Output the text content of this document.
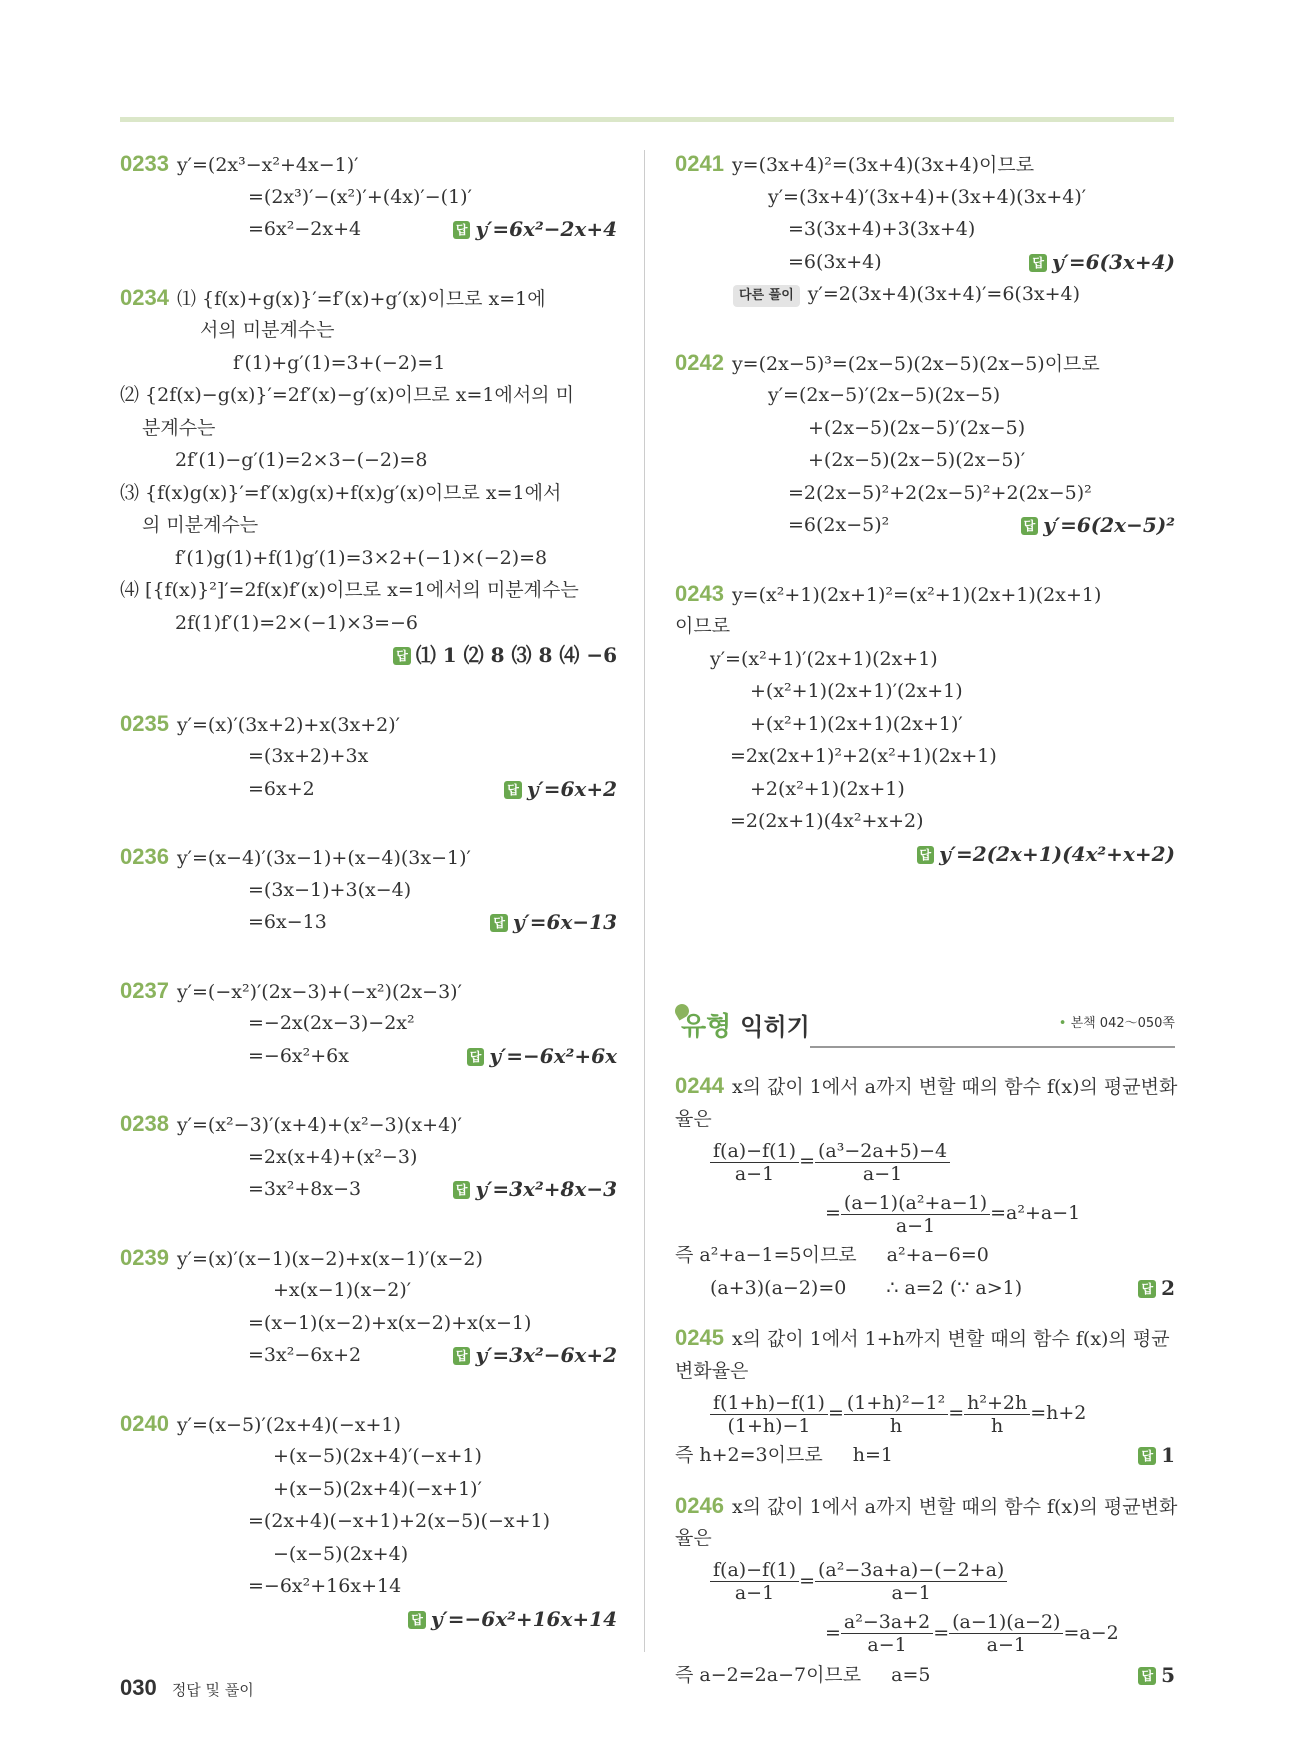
0233 y′=(2x³−x²+4x−1)′
=(2x³)′−(x²)′+(4x)′−(1)′
=6x²−2x+4	답 y′=6x²−2x+4
0234 ⑴ {f(x)+g(x)}′=f′(x)+g′(x)이므로 x=1에
서의 미분계수는
f′(1)+g′(1)=3+(−2)=1
⑵ {2f(x)−g(x)}′=2f′(x)−g′(x)이므로 x=1에서의 미
분계수는
2f′(1)−g′(1)=2×3−(−2)=8
⑶ {f(x)g(x)}′=f′(x)g(x)+f(x)g′(x)이므로 x=1에서
의 미분계수는
f′(1)g(1)+f(1)g′(1)=3×2+(−1)×(−2)=8
⑷ [{f(x)}²]′=2f(x)f′(x)이므로 x=1에서의 미분계수는
2f(1)f′(1)=2×(−1)×3=−6
답 ⑴ 1 ⑵ 8 ⑶ 8 ⑷ −6
0235 y′=(x)′(3x+2)+x(3x+2)′
=(3x+2)+3x
=6x+2	답 y′=6x+2
0236 y′=(x−4)′(3x−1)+(x−4)(3x−1)′
=(3x−1)+3(x−4)
=6x−13	답 y′=6x−13
0237 y′=(−x²)′(2x−3)+(−x²)(2x−3)′
=−2x(2x−3)−2x²
=−6x²+6x	답 y′=−6x²+6x
0238 y′=(x²−3)′(x+4)+(x²−3)(x+4)′
=2x(x+4)+(x²−3)
=3x²+8x−3	답 y′=3x²+8x−3
0239 y′=(x)′(x−1)(x−2)+x(x−1)′(x−2)
+x(x−1)(x−2)′
=(x−1)(x−2)+x(x−2)+x(x−1)
=3x²−6x+2	답 y′=3x²−6x+2
0240 y′=(x−5)′(2x+4)(−x+1)
+(x−5)(2x+4)′(−x+1)
+(x−5)(2x+4)(−x+1)′
=(2x+4)(−x+1)+2(x−5)(−x+1)
−(x−5)(2x+4)
=−6x²+16x+14
답 y′=−6x²+16x+14
0241 y=(3x+4)²=(3x+4)(3x+4)이므로
y′=(3x+4)′(3x+4)+(3x+4)(3x+4)′
=3(3x+4)+3(3x+4)
=6(3x+4)	답 y′=6(3x+4)
다른 풀이 y′=2(3x+4)(3x+4)′=6(3x+4)
0242 y=(2x−5)³=(2x−5)(2x−5)(2x−5)이므로
y′=(2x−5)′(2x−5)(2x−5)
+(2x−5)(2x−5)′(2x−5)
+(2x−5)(2x−5)(2x−5)′
=2(2x−5)²+2(2x−5)²+2(2x−5)²
=6(2x−5)²	답 y′=6(2x−5)²
0243 y=(x²+1)(2x+1)²=(x²+1)(2x+1)(2x+1)
이므로
y′=(x²+1)′(2x+1)(2x+1)
+(x²+1)(2x+1)′(2x+1)
+(x²+1)(2x+1)(2x+1)′
=2x(2x+1)²+2(x²+1)(2x+1)
+2(x²+1)(2x+1)
=2(2x+1)(4x²+x+2)
답 y′=2(2x+1)(4x²+x+2)
유형 익히기	• 본책 042～050쪽
0244 x의 값이 1에서 a까지 변할 때의 함수 f(x)의 평균변화
율은
$\frac{f(a)-f(1)}{a-1} = \frac{\text{(a³−2a+5)−4}}{a-1}$
= $\frac{\text{(a−1)(a²+a−1)}}{a-1} =a^2+a-1$
즉 a²+a−1=5이므로 a²+a−6=0
(a+3)(a−2)=0 ∴ a=2 (∵ a>1)	답 2
0245 x의 값이 1에서 1+h까지 변할 때의 함수 f(x)의 평균
변화율은
$\frac{f(1+h)-f(1)}{(1+h)-1} = \frac{\text{(1+h)²−1²}}{h} = \frac{\text{h²+2h}}{h} =h+2$
즉 h+2=3이므로 h=1	답 1
0246 x의 값이 1에서 a까지 변할 때의 함수 f(x)의 평균변화
율은
$\frac{f(a)-f(1)}{a-1} = \frac{\text{(a²−3a+a)−(−2+a)}}{a-1}$
= $\frac{\text{a²−3a+2}}{a-1} = \frac{(a-1)(a-2)}{a-1} =a-2$
즉 a−2=2a−7이므로 a=5	답 5
030 정답 및 풀이
